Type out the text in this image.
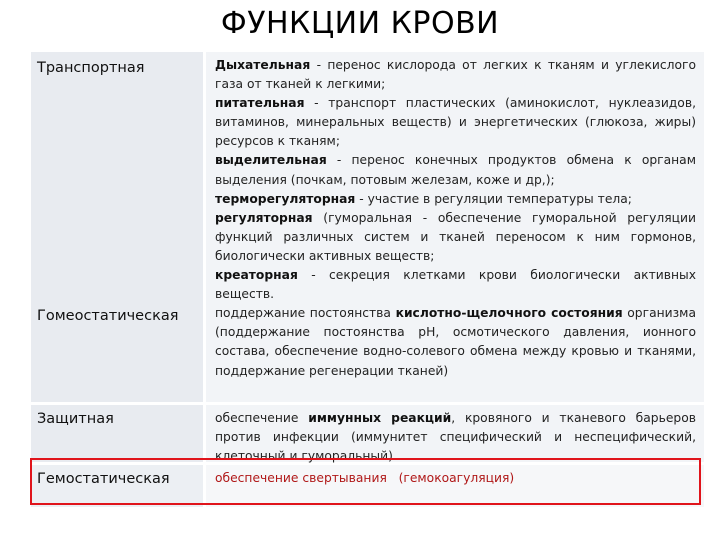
ФУНКЦИИ КРОВИ
Транспортная
Гомеостатическая
Дыхательная - перенос кислорода от легких к тканям и углекислого газа от тканей к легкими;
питательная - транспорт пластических (аминокислот, нуклеазидов, витаминов, минеральных веществ) и энергетических (глюкоза, жиры) ресурсов к тканям;
выделительная - перенос конечных продуктов обмена к органам выделения (почкам, потовым железам, коже и др,);
терморегуляторная - участие в регуляции температуры тела;
регуляторная (гуморальная - обеспечение гуморальной регуляции функций различных систем и тканей переносом к ним гормонов, биологически активных веществ;
креаторная - секреция клетками крови биологически активных веществ.
поддержание постоянства кислотно-щелочного состояния организма (поддержание постоянства рН, осмотического давления, ионного состава, обеспечение водно-солевого обмена между кровью и тканями, поддержание регенерации тканей)
Защитная	обеспечение иммунных реакций, кровяного и тканевого барьеров против инфекции (иммунитет специфический и неспецифический, клеточный и гуморальный)
Гемостатическая	обеспечение свертывания   (гемокоагуляция)
